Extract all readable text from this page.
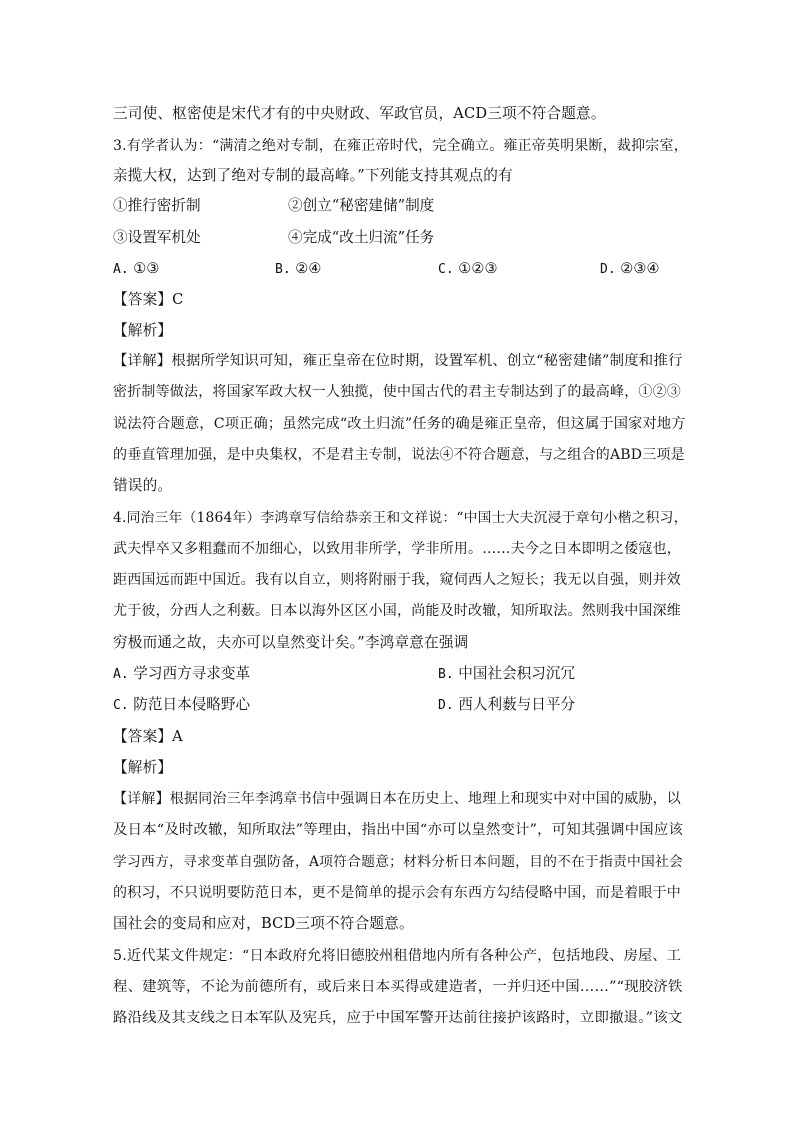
三司使、枢密使是宋代才有的中央财政、军政官员，ACD三项不符合题意。
3.有学者认为：“满清之绝对专制，在雍正帝时代，完全确立。雍正帝英明果断，裁抑宗室，
亲揽大权，达到了绝对专制的最高峰。”下列能支持其观点的有
①推行密折制	②创立“秘密建储”制度
③设置军机处	④完成“改土归流”任务
A. ①③	B. ②④	C. ①②③	D. ②③④
【答案】C
【解析】
【详解】根据所学知识可知，雍正皇帝在位时期，设置军机、创立“秘密建储”制度和推行
密折制等做法，将国家军政大权一人独揽，使中国古代的君主专制达到了的最高峰，①②③
说法符合题意，C项正确；虽然完成“改土归流”任务的确是雍正皇帝，但这属于国家对地方
的垂直管理加强，是中央集权，不是君主专制，说法④不符合题意，与之组合的ABD三项是
错误的。
4.同治三年（1864年）李鸿章写信给恭亲王和文祥说：“中国士大夫沉浸于章句小楷之积习，
武夫悍卒又多粗蠢而不加细心，以致用非所学，学非所用。……夫今之日本即明之倭寇也，
距西国远而距中国近。我有以自立，则将附丽于我，窥伺西人之短长；我无以自强，则并效
尤于彼，分西人之利薮。日本以海外区区小国，尚能及时改辙，知所取法。然则我中国深维
穷极而通之故，夫亦可以皇然变计矣。”李鸿章意在强调
A. 学习西方寻求变革	B. 中国社会积习沉冗
C. 防范日本侵略野心	D. 西人利薮与日平分
【答案】A
【解析】
【详解】根据同治三年李鸿章书信中强调日本在历史上、地理上和现实中对中国的威胁，以
及日本“及时改辙，知所取法”等理由，指出中国“亦可以皇然变计”，可知其强调中国应该
学习西方，寻求变革自强防备，A项符合题意；材料分析日本问题，目的不在于指责中国社会
的积习，不只说明要防范日本，更不是简单的提示会有东西方勾结侵略中国，而是着眼于中
国社会的变局和应对，BCD三项不符合题意。
5.近代某文件规定：“日本政府允将旧德胶州租借地内所有各种公产，包括地段、房屋、工
程、建筑等，不论为前德所有，或后来日本买得或建造者，一并归还中国……”“现胶济铁
路沿线及其支线之日本军队及宪兵，应于中国军警开达前往接护该路时，立即撤退。”该文
